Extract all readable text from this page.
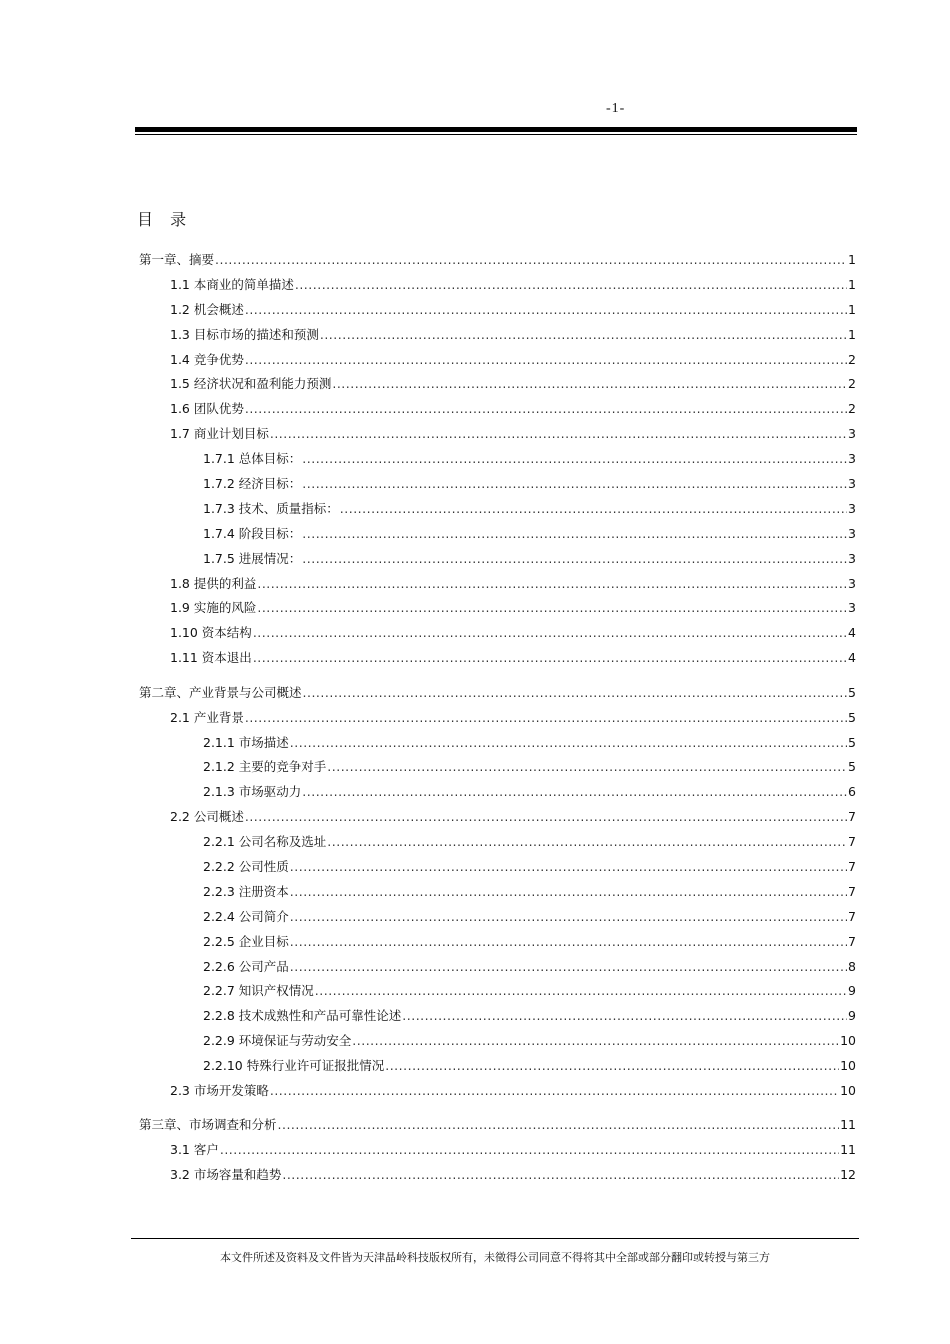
-1-
目 录
第一章、摘要 .....	1
1.1 本商业的简单描述 .....	1
1.2 机会概述 .....	1
1.3 目标市场的描述和预测 .....	1
1.4 竞争优势 .....	2
1.5 经济状况和盈利能力预测 .....	2
1.6 团队优势 .....	2
1.7 商业计划目标 .....	3
1.7.1 总体目标： .....	3
1.7.2 经济目标： .....	3
1.7.3 技术、质量指标： .....	3
1.7.4 阶段目标： .....	3
1.7.5 进展情况： .....	3
1.8 提供的利益 .....	3
1.9 实施的风险 .....	3
1.10 资本结构 .....	4
1.11 资本退出 .....	4
第二章、产业背景与公司概述 .....	5
2.1 产业背景 .....	5
2.1.1 市场描述 .....	5
2.1.2 主要的竞争对手 .....	5
2.1.3 市场驱动力 .....	6
2.2 公司概述 .....	7
2.2.1 公司名称及选址 .....	7
2.2.2 公司性质 .....	7
2.2.3 注册资本 .....	7
2.2.4 公司简介 .....	7
2.2.5 企业目标 .....	7
2.2.6 公司产品 .....	8
2.2.7 知识产权情况 .....	9
2.2.8 技术成熟性和产品可靠性论述 .....	9
2.2.9 环境保证与劳动安全 .....	10
2.2.10 特殊行业许可证报批情况 .....	10
2.3 市场开发策略 .....	10
第三章、市场调查和分析 .....	11
3.1 客户 .....	11
3.2 市场容量和趋势 .....	12
本文件所述及资料及文件皆为天津晶岭科技版权所有，未徵得公司同意不得将其中全部或部分翻印或转授与第三方
